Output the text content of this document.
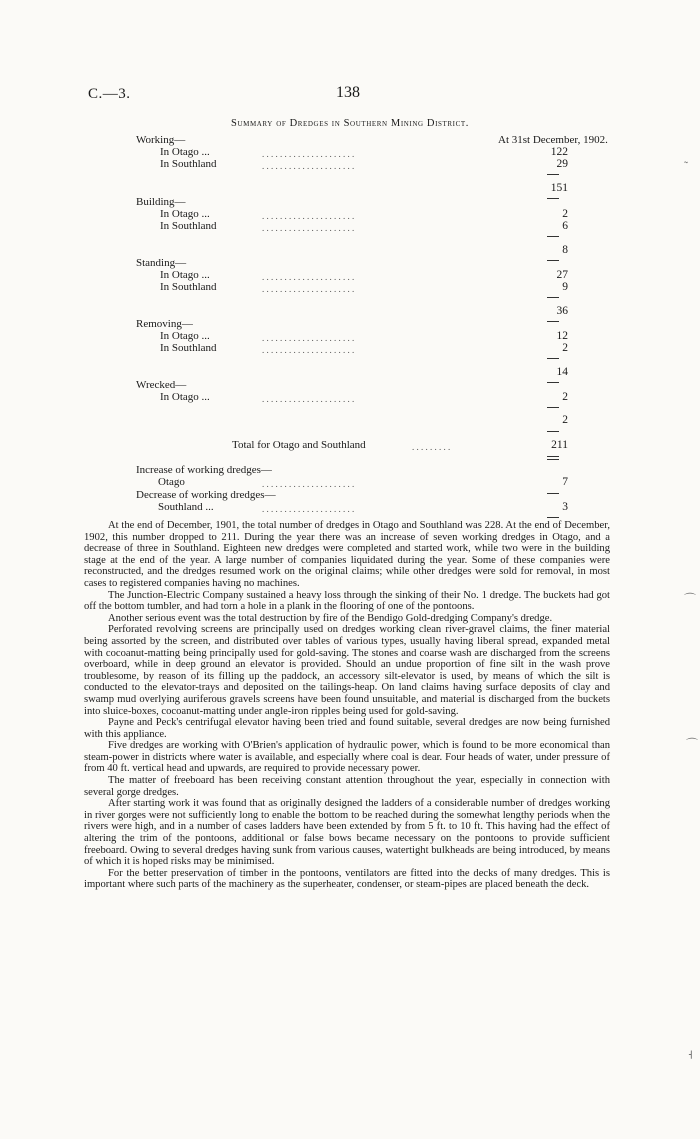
C.—3.	138
Summary of Dredges in Southern Mining District.
At 31st December, 1902.
Working—
In Otago ...	. . . . . . . . . . . . . . . . . . . . .	122
In Southland	. . . . . . . . . . . . . . . . . . . . .	29
151
Building—
In Otago ...	. . . . . . . . . . . . . . . . . . . . .	2
In Southland	. . . . . . . . . . . . . . . . . . . . .	6
8
Standing—
In Otago ...	. . . . . . . . . . . . . . . . . . . . .	27
In Southland	. . . . . . . . . . . . . . . . . . . . .	9
36
Removing—
In Otago ...	. . . . . . . . . . . . . . . . . . . . .	12
In Southland	. . . . . . . . . . . . . . . . . . . . .	2
14
Wrecked—
In Otago ...	. . . . . . . . . . . . . . . . . . . . .	2
2
Total for Otago and Southland	. . . . . . . . .	211
Increase of working dredges—
Otago	. . . . . . . . . . . . . . . . . . . . .	7
Decrease of working dredges—
Southland ...	. . . . . . . . . . . . . . . . . . . . .	3

At the end of December, 1901, the total number of dredges in Otago and Southland was 228. At the end of December, 1902, this number dropped to 211. During the year there was an increase of seven working dredges in Otago, and a decrease of three in Southland. Eighteen new dredges were completed and started work, while two were in the building stage at the end of the year. A large number of companies liquidated during the year. Some of these companies were reconstructed, and the dredges resumed work on the original claims; while other dredges were sold for removal, in most cases to registered companies having no machines.

The Junction-Electric Company sustained a heavy loss through the sinking of their No. 1 dredge. The buckets had got off the bottom tumbler, and had torn a hole in a plank in the flooring of one of the pontoons.

Another serious event was the total destruction by fire of the Bendigo Gold-dredging Company's dredge.

Perforated revolving screens are principally used on dredges working clean river-gravel claims, the finer material being assorted by the screen, and distributed over tables of various types, usually having liberal spread, expanded metal with cocoanut-matting being principally used for gold-saving. The stones and coarse wash are discharged from the screens overboard, while in deep ground an elevator is provided. Should an undue proportion of fine silt in the wash prove troublesome, by reason of its filling up the paddock, an accessory silt-elevator is used, by means of which the silt is conducted to the elevator-trays and deposited on the tailings-heap. On land claims having surface deposits of clay and swamp mud overlying auriferous gravels screens have been found unsuitable, and material is discharged from the buckets into sluice-boxes, cocoanut-matting under angle-iron ripples being used for gold-saving.

Payne and Peck's centrifugal elevator having been tried and found suitable, several dredges are now being furnished with this appliance.

Five dredges are working with O'Brien's application of hydraulic power, which is found to be more economical than steam-power in districts where water is available, and especially where coal is dear. Four heads of water, under pressure of from 40 ft. vertical head and upwards, are required to provide necessary power.

The matter of freeboard has been receiving constant attention throughout the year, especially in connection with several gorge dredges.

After starting work it was found that as originally designed the ladders of a considerable number of dredges working in river gorges were not sufficiently long to enable the bottom to be reached during the somewhat lengthy periods when the rivers were high, and in a number of cases ladders have been extended by from 5 ft. to 10 ft. This having had the effect of altering the trim of the pontoons, additional or false bows became necessary on the pontoons to provide sufficient freeboard. Owing to several dredges having sunk from various causes, watertight bulkheads are being introduced, by means of which it is hoped risks may be minimised.

For the better preservation of timber in the pontoons, ventilators are fitted into the decks of many dredges. This is important where such parts of the machinery as the superheater, condenser, or steam-pipes are placed beneath the deck.

˷
⌒
⌒
˧
